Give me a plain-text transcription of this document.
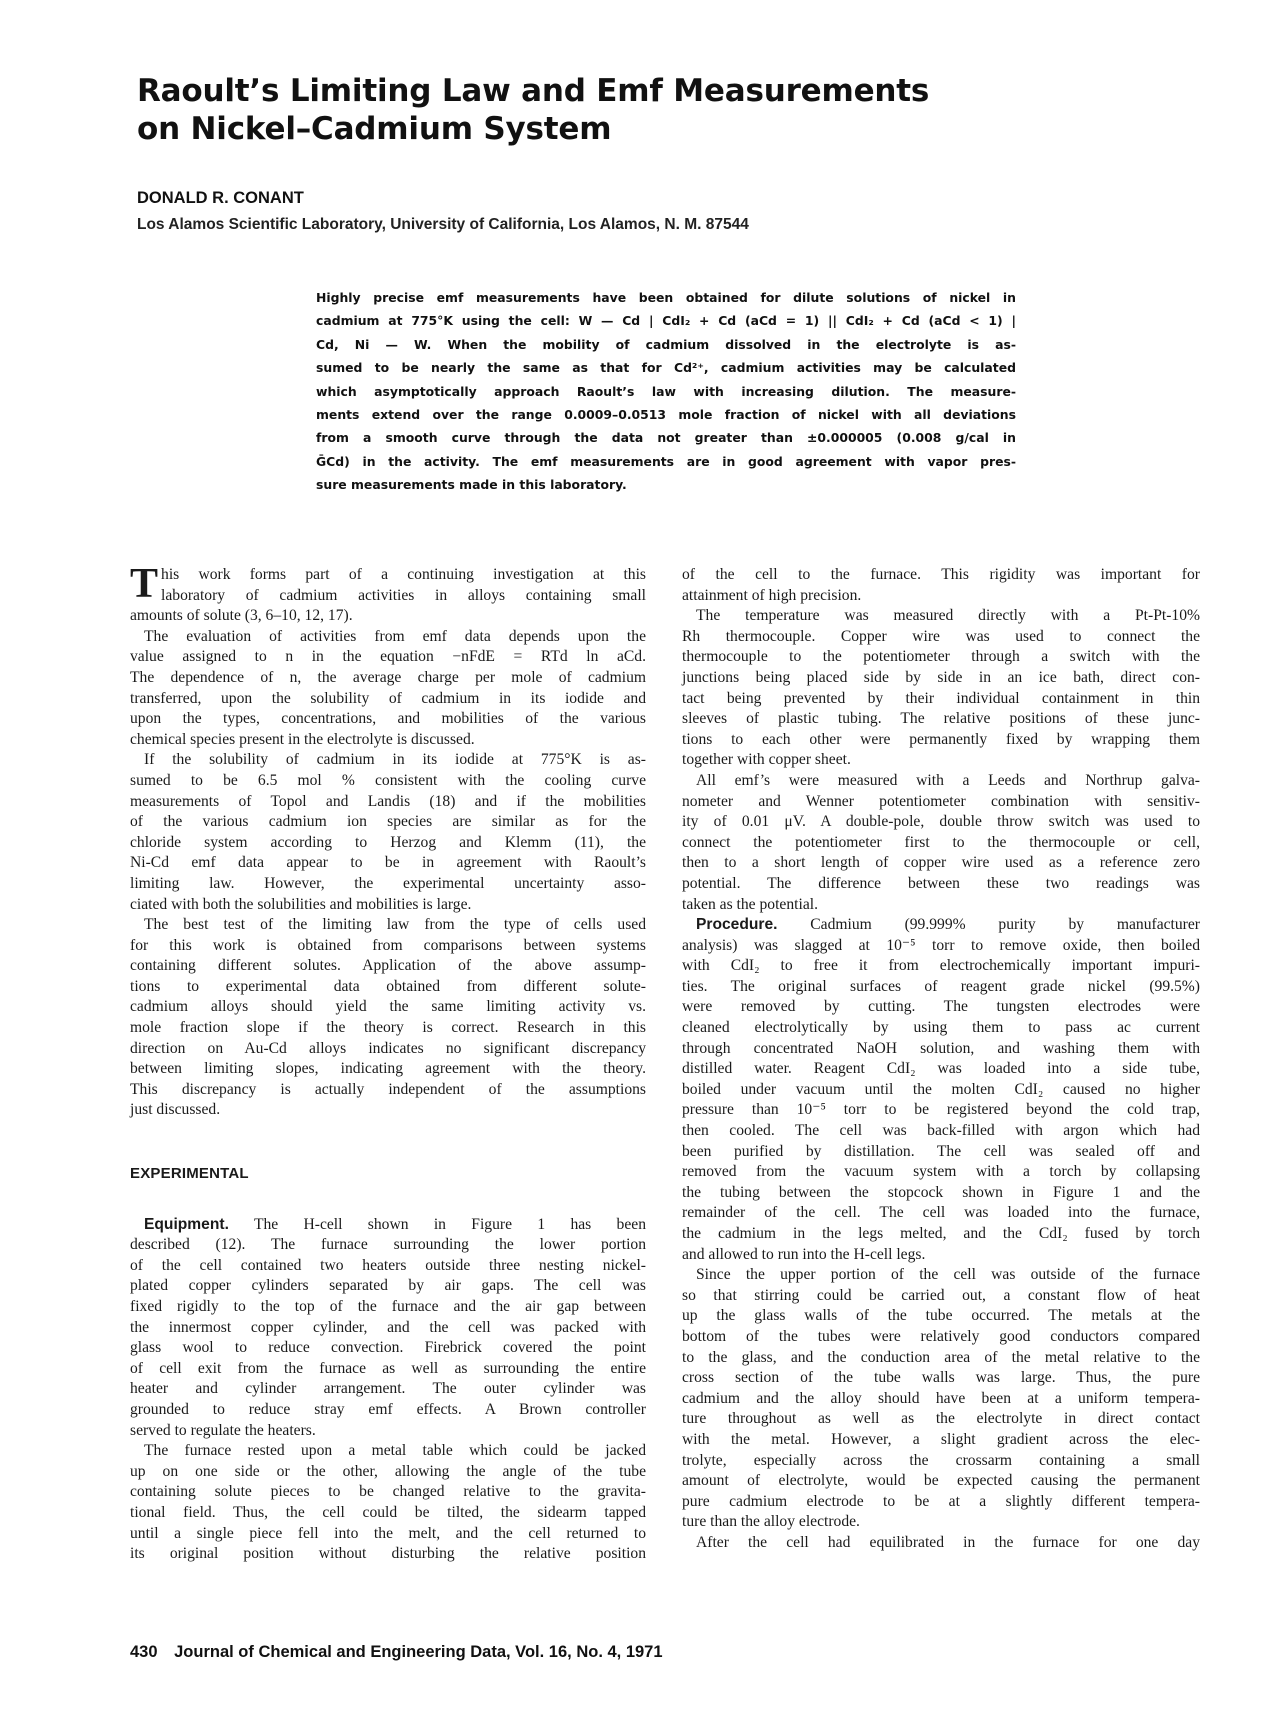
Raoult’s Limiting Law and Emf Measurements
on Nickel–Cadmium System
DONALD R. CONANT
Los Alamos Scientific Laboratory, University of California, Los Alamos, N. M. 87544
Highly precise emf measurements have been obtained for dilute solutions of nickel in
cadmium at 775°K using the cell: W — Cd | CdI₂ + Cd (aCd = 1) || CdI₂ + Cd (aCd < 1) |
Cd, Ni — W. When the mobility of cadmium dissolved in the electrolyte is as-
sumed to be nearly the same as that for Cd²⁺, cadmium activities may be calculated
which asymptotically approach Raoult’s law with increasing dilution. The measure-
ments extend over the range 0.0009–0.0513 mole fraction of nickel with all deviations
from a smooth curve through the data not greater than ±0.000005 (0.008 g/cal in
ḠCd) in the activity. The emf measurements are in good agreement with vapor pres-
sure measurements made in this laboratory.

T his work forms part of a continuing investigation at this
laboratory of cadmium activities in alloys containing small
amounts of solute (3, 6–10, 12, 17).

The evaluation of activities from emf data depends upon the
value assigned to n in the equation −nFdE = RTd ln aCd.
The dependence of n, the average charge per mole of cadmium
transferred, upon the solubility of cadmium in its iodide and
upon the types, concentrations, and mobilities of the various
chemical species present in the electrolyte is discussed.

If the solubility of cadmium in its iodide at 775°K is as-
sumed to be 6.5 mol % consistent with the cooling curve
measurements of Topol and Landis (18) and if the mobilities
of the various cadmium ion species are similar as for the
chloride system according to Herzog and Klemm (11), the
Ni-Cd emf data appear to be in agreement with Raoult’s
limiting law. However, the experimental uncertainty asso-
ciated with both the solubilities and mobilities is large.

The best test of the limiting law from the type of cells used
for this work is obtained from comparisons between systems
containing different solutes. Application of the above assump-
tions to experimental data obtained from different solute-
cadmium alloys should yield the same limiting activity vs.
mole fraction slope if the theory is correct. Research in this
direction on Au-Cd alloys indicates no significant discrepancy
between limiting slopes, indicating agreement with the theory.
This discrepancy is actually independent of the assumptions
just discussed.

EXPERIMENTAL

Equipment. The H-cell shown in Figure 1 has been
described (12). The furnace surrounding the lower portion
of the cell contained two heaters outside three nesting nickel-
plated copper cylinders separated by air gaps. The cell was
fixed rigidly to the top of the furnace and the air gap between
the innermost copper cylinder, and the cell was packed with
glass wool to reduce convection. Firebrick covered the point
of cell exit from the furnace as well as surrounding the entire
heater and cylinder arrangement. The outer cylinder was
grounded to reduce stray emf effects. A Brown controller
served to regulate the heaters.

The furnace rested upon a metal table which could be jacked
up on one side or the other, allowing the angle of the tube
containing solute pieces to be changed relative to the gravita-
tional field. Thus, the cell could be tilted, the sidearm tapped
until a single piece fell into the melt, and the cell returned to
its original position without disturbing the relative position

of the cell to the furnace. This rigidity was important for
attainment of high precision.

The temperature was measured directly with a Pt-Pt-10%
Rh thermocouple. Copper wire was used to connect the
thermocouple to the potentiometer through a switch with the
junctions being placed side by side in an ice bath, direct con-
tact being prevented by their individual containment in thin
sleeves of plastic tubing. The relative positions of these junc-
tions to each other were permanently fixed by wrapping them
together with copper sheet.

All emf’s were measured with a Leeds and Northrup galva-
nometer and Wenner potentiometer combination with sensitiv-
ity of 0.01 μV. A double-pole, double throw switch was used to
connect the potentiometer first to the thermocouple or cell,
then to a short length of copper wire used as a reference zero
potential. The difference between these two readings was
taken as the potential.

Procedure. Cadmium (99.999% purity by manufacturer
analysis) was slagged at 10⁻⁵ torr to remove oxide, then boiled
with CdI₂ to free it from electrochemically important impuri-
ties. The original surfaces of reagent grade nickel (99.5%)
were removed by cutting. The tungsten electrodes were
cleaned electrolytically by using them to pass ac current
through concentrated NaOH solution, and washing them with
distilled water. Reagent CdI₂ was loaded into a side tube,
boiled under vacuum until the molten CdI₂ caused no higher
pressure than 10⁻⁵ torr to be registered beyond the cold trap,
then cooled. The cell was back-filled with argon which had
been purified by distillation. The cell was sealed off and
removed from the vacuum system with a torch by collapsing
the tubing between the stopcock shown in Figure 1 and the
remainder of the cell. The cell was loaded into the furnace,
the cadmium in the legs melted, and the CdI₂ fused by torch
and allowed to run into the H-cell legs.

Since the upper portion of the cell was outside of the furnace
so that stirring could be carried out, a constant flow of heat
up the glass walls of the tube occurred. The metals at the
bottom of the tubes were relatively good conductors compared
to the glass, and the conduction area of the metal relative to the
cross section of the tube walls was large. Thus, the pure
cadmium and the alloy should have been at a uniform tempera-
ture throughout as well as the electrolyte in direct contact
with the metal. However, a slight gradient across the elec-
trolyte, especially across the crossarm containing a small
amount of electrolyte, would be expected causing the permanent
pure cadmium electrode to be at a slightly different tempera-
ture than the alloy electrode.

After the cell had equilibrated in the furnace for one day

430 Journal of Chemical and Engineering Data, Vol. 16, No. 4, 1971
